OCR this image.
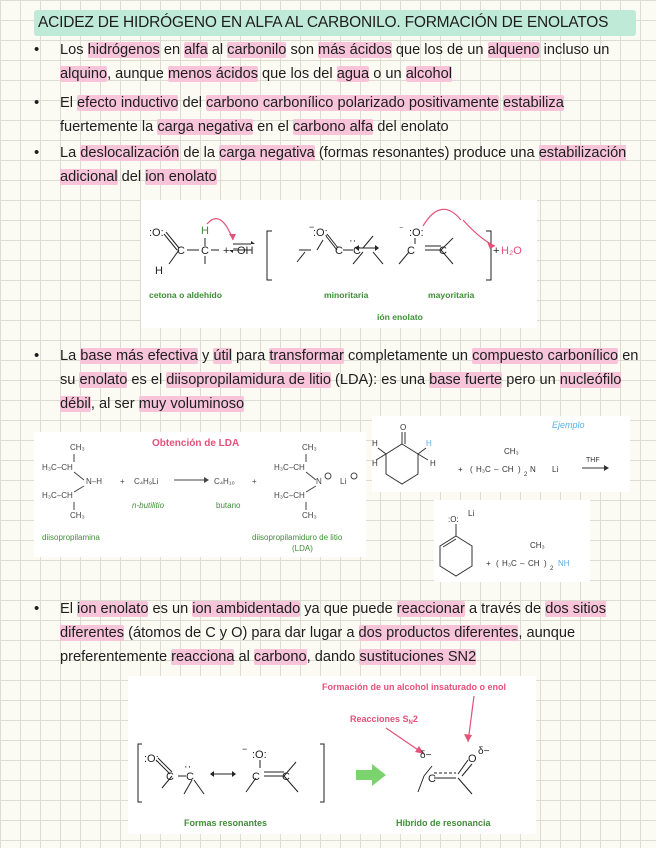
ACIDEZ DE HIDRÓGENO EN ALFA AL CARBONILO. FORMACIÓN DE ENOLATOS
• Los hidrógenos en alfa al carbonilo son más ácidos que los de un alqueno incluso un alquino, aunque menos ácidos que los del agua o un alcohol
• El efecto inductivo del carbono carbonílico polarizado positivamente estabiliza fuertemente la carga negativa en el carbono alfa del enolato
• La deslocalización de la carga negativa (formas resonantes) produce una estabilización adicional del ion enolato
:O:
C
H
C
H
+ ⁻
OH
:O:
−
C C
··
:O:
⁻
C C	+ H₂O
cetona o aldehído	minoritaria	mayoritaria
ión enolato
• La base más efectiva y útil para transformar completamente un compuesto carbonílico en su enolato es el diisopropilamidura de litio (LDA): es una base fuerte pero un nucleófilo débil, al ser muy voluminoso
CH₃
H₃C–CH
N–H
H₃C–CH
CH₃
diisopropilamina
+ C₄H₉Li
n-butilitio
C₄H₁₀
butano
+
CH₃
H₃C–CH
N Li
H₃C–CH
CH₃
diisopropilamiduro de litio
(LDA)
Obtención de LDA
Ejemplo
O
H
H
H
H
+ ( H₃C – CH
CH₃
)
2
N Li
THF
:O:
Li
+ ( H₃C – CH
CH₃
)
2
NH
• El ion enolato es un ion ambidentado ya que puede reaccionar a través de dos sitios diferentes (átomos de C y O) para dar lugar a dos productos diferentes, aunque preferentemente reacciona al carbono, dando sustituciones SN2
Formación de un alcohol insaturado o enol
Reacciones $S_N2$
:O:
C C
··
:O:
−
C C	C
O
δ−	δ−
Formas resonantes	Híbrido de resonancia
